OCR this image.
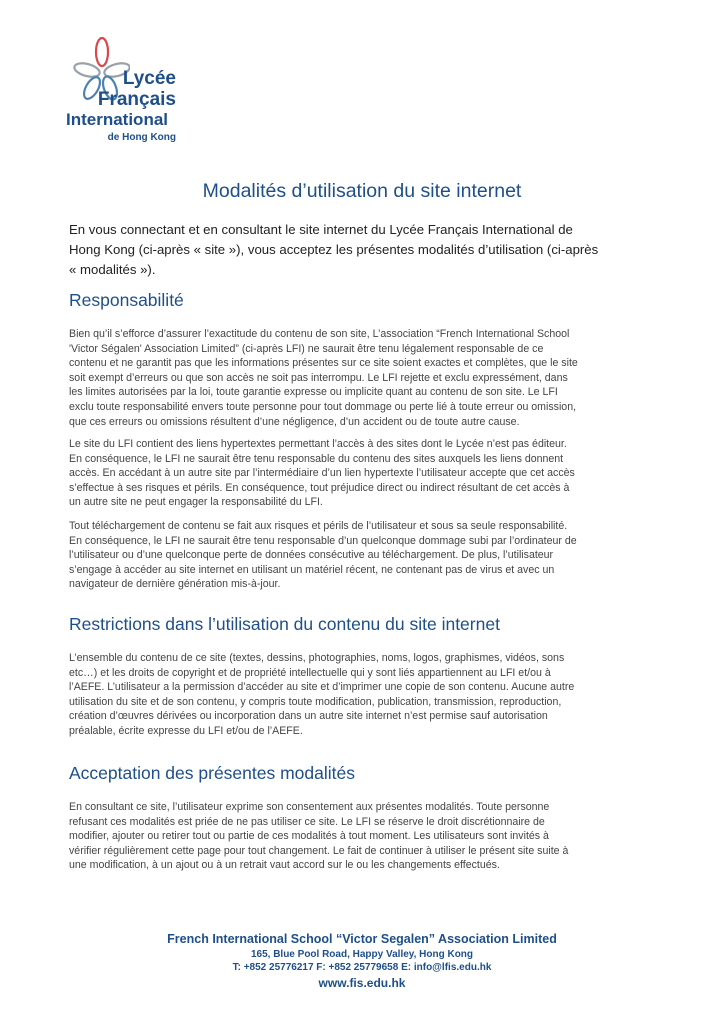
Lycée
Français
International
de Hong Kong
Modalités d’utilisation du site internet
En vous connectant et en consultant le site internet du Lycée Français International de
Hong Kong (ci-après « site »), vous acceptez les présentes modalités d’utilisation (ci-après
« modalités »).
Responsabilité
Bien qu’il s’efforce d’assurer l’exactitude du contenu de son site, L’association “French International School
'Victor Ségalen' Association Limited” (ci-après LFI) ne saurait être tenu légalement responsable de ce
contenu et ne garantit pas que les informations présentes sur ce site soient exactes et complètes, que le site
soit exempt d’erreurs ou que son accès ne soit pas interrompu. Le LFI rejette et exclu expressément, dans
les limites autorisées par la loi, toute garantie expresse ou implicite quant au contenu de son site. Le LFI
exclu toute responsabilité envers toute personne pour tout dommage ou perte lié à toute erreur ou omission,
que ces erreurs ou omissions résultent d’une négligence, d’un accident ou de toute autre cause.
Le site du LFI contient des liens hypertextes permettant l’accès à des sites dont le Lycée n’est pas éditeur.
En conséquence, le LFI ne saurait être tenu responsable du contenu des sites auxquels les liens donnent
accès. En accédant à un autre site par l’intermédiaire d’un lien hypertexte l’utilisateur accepte que cet accès
s’effectue à ses risques et périls. En conséquence, tout préjudice direct ou indirect résultant de cet accès à
un autre site ne peut engager la responsabilité du LFI.
Tout téléchargement de contenu se fait aux risques et périls de l’utilisateur et sous sa seule responsabilité.
En conséquence, le LFI ne saurait être tenu responsable d’un quelconque dommage subi par l’ordinateur de
l’utilisateur ou d’une quelconque perte de données consécutive au téléchargement. De plus, l’utilisateur
s’engage à accéder au site internet en utilisant un matériel récent, ne contenant pas de virus et avec un
navigateur de dernière génération mis-à-jour.
Restrictions dans l’utilisation du contenu du site internet
L’ensemble du contenu de ce site (textes, dessins, photographies, noms, logos, graphismes, vidéos, sons
etc…) et les droits de copyright et de propriété intellectuelle qui y sont liés appartiennent au LFI et/ou à
l’AEFE. L’utilisateur a la permission d’accéder au site et d’imprimer une copie de son contenu. Aucune autre
utilisation du site et de son contenu, y compris toute modification, publication, transmission, reproduction,
création d’œuvres dérivées ou incorporation dans un autre site internet n’est permise sauf autorisation
préalable, écrite expresse du LFI et/ou de l’AEFE.
Acceptation des présentes modalités
En consultant ce site, l’utilisateur exprime son consentement aux présentes modalités. Toute personne
refusant ces modalités est priée de ne pas utiliser ce site. Le LFI se réserve le droit discrétionnaire de
modifier, ajouter ou retirer tout ou partie de ces modalités à tout moment. Les utilisateurs sont invités à
vérifier régulièrement cette page pour tout changement. Le fait de continuer à utiliser le présent site suite à
une modification, à un ajout ou à un retrait vaut accord sur le ou les changements effectués.
French International School “Victor Segalen” Association Limited
165, Blue Pool Road, Happy Valley, Hong Kong
T: +852 25776217 F: +852 25779658 E: info@lfis.edu.hk
www.fis.edu.hk
